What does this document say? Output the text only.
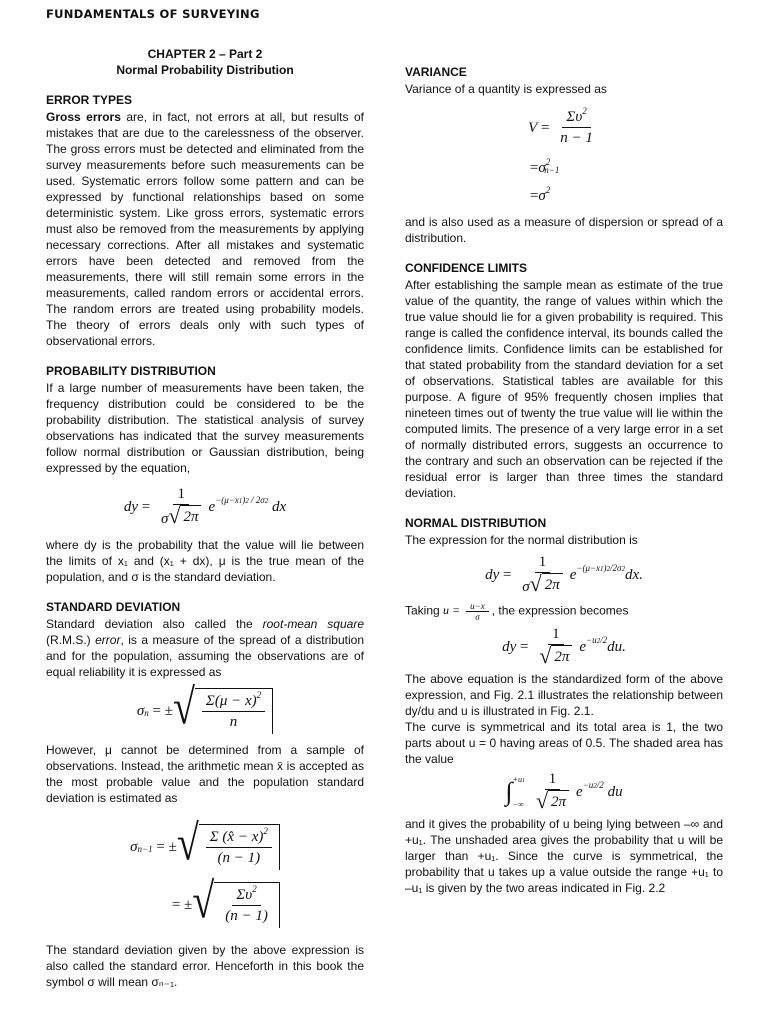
FUNDAMENTALS OF SURVEYING
CHAPTER 2 – Part 2
Normal Probability Distribution
ERROR TYPES

Gross errors are, in fact, not errors at all, but results of mistakes that are due to the carelessness of the observer. The gross errors must be detected and eliminated from the survey measurements before such measurements can be used. Systematic errors follow some pattern and can be expressed by functional relationships based on some deterministic system. Like gross errors, systematic errors must also be removed from the measurements by applying necessary corrections. After all mistakes and systematic errors have been detected and removed from the measurements, there will still remain some errors in the measurements, called random errors or accidental errors. The random errors are treated using probability models. The theory of errors deals only with such types of observational errors.

PROBABILITY DISTRIBUTION

If a large number of measurements have been taken, the frequency distribution could be considered to be the probability distribution. The statistical analysis of survey observations has indicated that the survey measurements follow normal distribution or Gaussian distribution, being expressed by the equation,

dy = $\frac{1}{\sigma √ 2\pi}$ e −(μ−x1)2 / 2σ2 dx

where dy is the probability that the value will lie between the limits of x₁ and (x₁ + dx), μ is the true mean of the population, and σ is the standard deviation.

STANDARD DEVIATION

Standard deviation also called the root-mean square (R.M.S.) error, is a measure of the spread of a distribution and for the population, assuming the observations are of equal reliability it is expressed as

σ n = ± √ $\frac{\Sigma(\mu - x)^2}{n}$

However, μ cannot be determined from a sample of observations. Instead, the arithmetic mean x̄ is accepted as the most probable value and the population standard deviation is estimated as

σ n−1 = ± √ $\frac{\Sigma (x̂ - x)^2}{(n - 1)}$
= ± √ $\frac{\Sigma\upsilon^2}{(n - 1)}$

The standard deviation given by the above expression is also called the standard error. Henceforth in this book the symbol σ will mean σₙ₋₁.

VARIANCE

Variance of a quantity is expressed as

$V = \frac{\Sigma\upsilon^2}{n - 1}$
$=\sigma^2n-1$
$=\sigma^2$

and is also used as a measure of dispersion or spread of a distribution.

CONFIDENCE LIMITS

After establishing the sample mean as estimate of the true value of the quantity, the range of values within which the true value should lie for a given probability is required. This range is called the confidence interval, its bounds called the confidence limits. Confidence limits can be established for that stated probability from the standard deviation for a set of observations. Statistical tables are available for this purpose. A figure of 95% frequently chosen implies that nineteen times out of twenty the true value will lie within the computed limits. The presence of a very large error in a set of normally distributed errors, suggests an occurrence to the contrary and such an observation can be rejected if the residual error is larger than three times the standard deviation.

NORMAL DISTRIBUTION

The expression for the normal distribution is

dy = $\frac{1}{\sigma √ 2\pi}$ e −(μ−x1)2/2σ2 dx.

Taking $u = \frac{u-x}{\sigma}$ , the expression becomes

dy = $\frac{1}{√ 2\pi}$ e −u2/2 du.

The above equation is the standardized form of the above expression, and Fig. 2.1 illustrates the relationship between dy/du and u is illustrated in Fig. 2.1.

The curve is symmetrical and its total area is 1, the two parts about u = 0 having areas of 0.5. The shaded area has the value

∫ +u1
−∞ $\frac{1}{√ 2\pi}$ e −u2/2 du

and it gives the probability of u being lying between –∞ and +u₁. The unshaded area gives the probability that u will be larger than +u₁. Since the curve is symmetrical, the probability that u takes up a value outside the range +u₁ to –u₁ is given by the two areas indicated in Fig. 2.2
